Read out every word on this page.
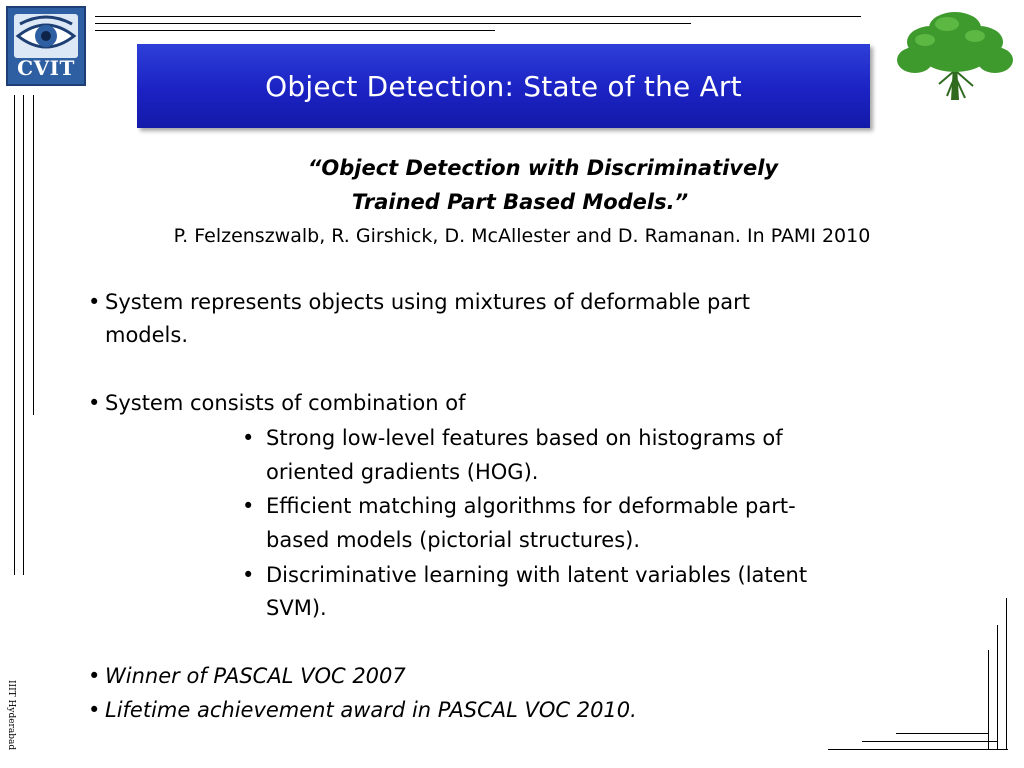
CVIT
Object Detection: State of the Art
“Object Detection with Discriminatively
Trained Part Based Models.”
P. Felzenszwalb, R. Girshick, D. McAllester and D. Ramanan. In PAMI 2010
• System represents objects using mixtures of deformable part
models.
• System consists of combination of
• Strong low-level features based on histograms of
oriented gradients (HOG).
• Efficient matching algorithms for deformable part-
based models (pictorial structures).
• Discriminative learning with latent variables (latent
SVM).
• Winner of PASCAL VOC 2007
• Lifetime achievement award in PASCAL VOC 2010.
IIIT Hyderabad
